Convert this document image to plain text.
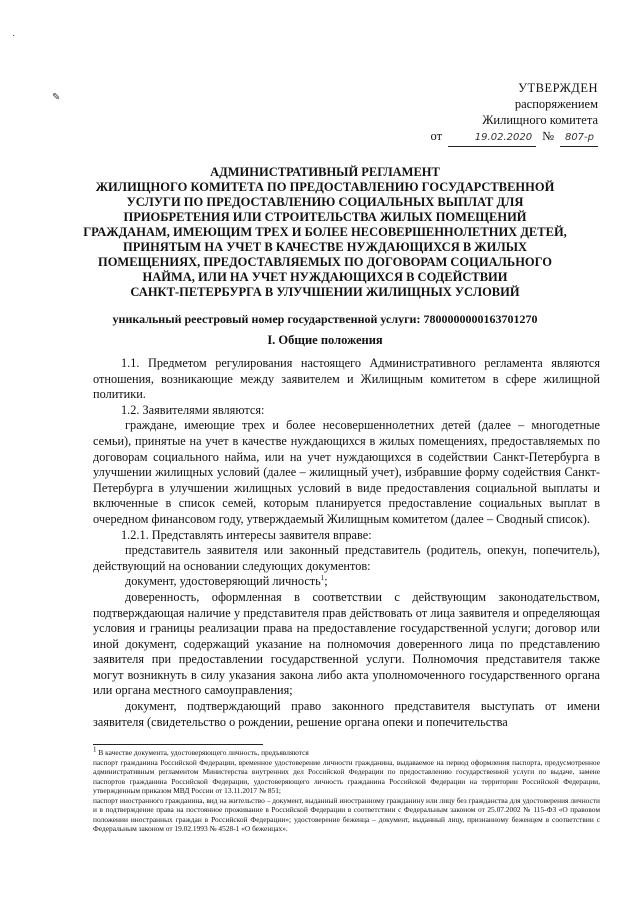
˙
✎
УТВЕРЖДЕН
распоряжением
Жилищного комитета
от	19.02.2020 №	807-р
АДМИНИСТРАТИВНЫЙ РЕГЛАМЕНТ
ЖИЛИЩНОГО КОМИТЕТА ПО ПРЕДОСТАВЛЕНИЮ ГОСУДАРСТВЕННОЙ
УСЛУГИ ПО ПРЕДОСТАВЛЕНИЮ СОЦИАЛЬНЫХ ВЫПЛАТ ДЛЯ
ПРИОБРЕТЕНИЯ ИЛИ СТРОИТЕЛЬСТВА ЖИЛЫХ ПОМЕЩЕНИЙ
ГРАЖДАНАМ, ИМЕЮЩИМ ТРЕХ И БОЛЕЕ НЕСОВЕРШЕННОЛЕТНИХ ДЕТЕЙ,
ПРИНЯТЫМ НА УЧЕТ В КАЧЕСТВЕ НУЖДАЮЩИХСЯ В ЖИЛЫХ
ПОМЕЩЕНИЯХ, ПРЕДОСТАВЛЯЕМЫХ ПО ДОГОВОРАМ СОЦИАЛЬНОГО
НАЙМА, ИЛИ НА УЧЕТ НУЖДАЮЩИХСЯ В СОДЕЙСТВИИ
САНКТ-ПЕТЕРБУРГА В УЛУЧШЕНИИ ЖИЛИЩНЫХ УСЛОВИЙ
уникальный реестровый номер государственной услуги: 7800000000163701270
I. Общие положения

1.1. Предметом регулирования настоящего Административного регламента являются отношения, возникающие между заявителем и Жилищным комитетом в сфере жилищной политики.

1.2. Заявителями являются:

граждане, имеющие трех и более несовершеннолетних детей (далее – многодетные семьи), принятые на учет в качестве нуждающихся в жилых помещениях, предоставляемых по договорам социального найма, или на учет нуждающихся в содействии Санкт-Петербурга в улучшении жилищных условий (далее – жилищный учет), избравшие форму содействия Санкт-Петербурга в улучшении жилищных условий в виде предоставления социальной выплаты и включенные в список семей, которым планируется предоставление социальных выплат в очередном финансовом году, утверждаемый Жилищным комитетом (далее – Сводный список).

1.2.1. Представлять интересы заявителя вправе:

представитель заявителя или законный представитель (родитель, опекун, попечитель), действующий на основании следующих документов:

документ, удостоверяющий личность$^1$;

доверенность, оформленная в соответствии с действующим законодательством, подтверждающая наличие у представителя прав действовать от лица заявителя и определяющая условия и границы реализации права на предоставление государственной услуги; договор или иной документ, содержащий указание на полномочия доверенного лица по представлению заявителя при предоставлении государственной услуги. Полномочия представителя также могут возникнуть в силу указания закона либо акта уполномоченного государственного органа или органа местного самоуправления;

документ, подтверждающий право законного представителя выступать от имени заявителя (свидетельство о рождении, решение органа опеки и попечительства

$^1$ В качестве документа, удостоверяющего личность, предъявляются

паспорт гражданина Российской Федерации, временное удостоверение личности гражданина, выдаваемое на период оформления паспорта, предусмотренное административным регламентом Министерства внутренних дел Российской Федерации по предоставлению государственной услуги по выдаче, замене паспортов гражданина Российской Федерации, удостоверяющего личность гражданина Российской Федерации на территории Российской Федерации, утвержденным приказом МВД России от 13.11.2017 № 851;

паспорт иностранного гражданина, вид на жительство – документ, выданный иностранному гражданину или лицу без гражданства для удостоверения личности и в подтверждение права на постоянное проживание в Российской Федерации в соответствии с Федеральным законом от 25.07.2002 № 115-ФЗ «О правовом положении иностранных граждан в Российской Федерации»; удостоверение беженца – документ, выданный лицу, признанному беженцем в соответствии с Федеральным законом от 19.02.1993 № 4528-1 «О беженцах».
